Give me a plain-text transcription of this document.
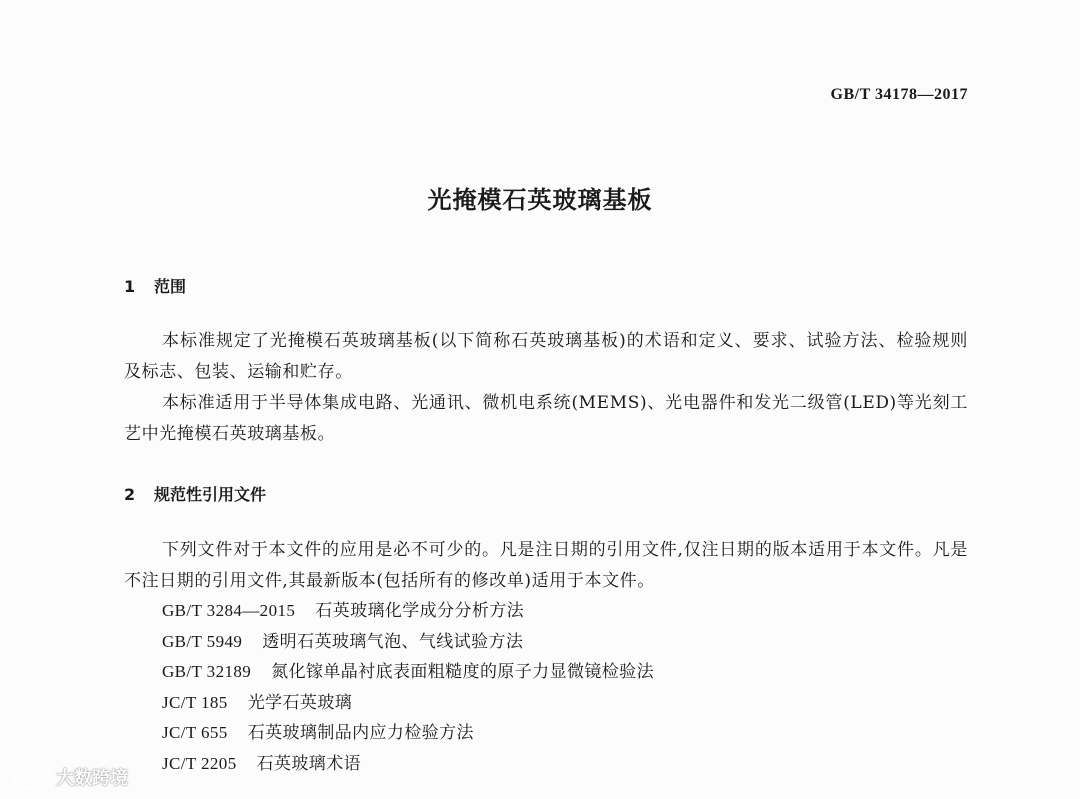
GB/T 34178—2017
光掩模石英玻璃基板
1 范围
本标准规定了光掩模石英玻璃基板(以下简称石英玻璃基板)的术语和定义、要求、试验方法、检验规则及标志、包装、运输和贮存。
本标准适用于半导体集成电路、光通讯、微机电系统(MEMS)、光电器件和发光二级管(LED)等光刻工艺中光掩模石英玻璃基板。
2 规范性引用文件
下列文件对于本文件的应用是必不可少的。凡是注日期的引用文件,仅注日期的版本适用于本文件。凡是不注日期的引用文件,其最新版本(包括所有的修改单)适用于本文件。
GB/T 3284—2015 石英玻璃化学成分分析方法
GB/T 5949 透明石英玻璃气泡、气线试验方法
GB/T 32189 氮化镓单晶衬底表面粗糙度的原子力显微镜检验法
JC/T 185 光学石英玻璃
JC/T 655 石英玻璃制品内应力检验方法
JC/T 2205 石英玻璃术语
大数跨境
